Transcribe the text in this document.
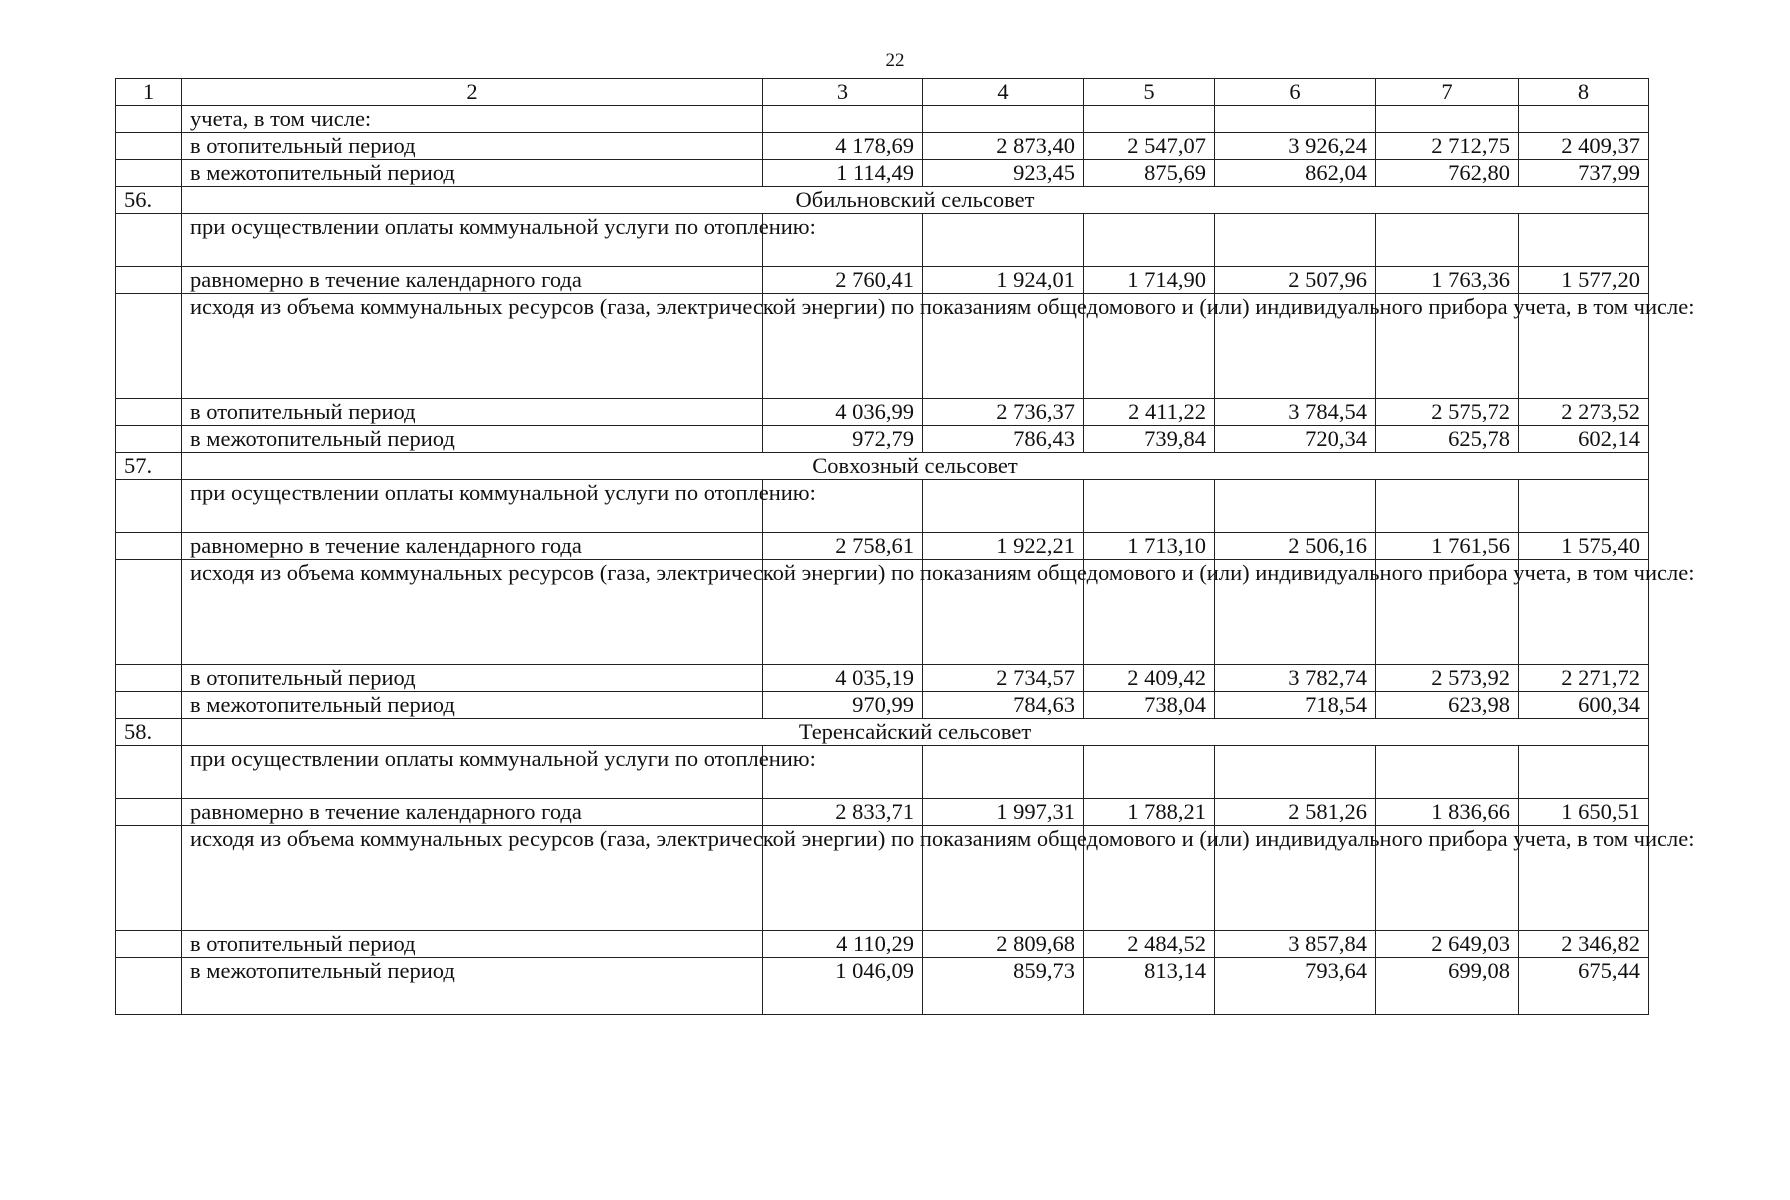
22
1	2	3	4	5	6	7	8
	учета, в том числе:						
	в отопительный период	4 178,69	2 873,40	2 547,07	3 926,24	2 712,75	2 409,37
	в межотопительный период	1 114,49	923,45	875,69	862,04	762,80	737,99
56.	Обильновский сельсовет						
	при осуществлении оплаты коммунальной услуги по отоплению:						
	равномерно в течение календарного года	2 760,41	1 924,01	1 714,90	2 507,96	1 763,36	1 577,20
	исходя из объема коммунальных ресурсов (газа, электрической энергии) по показаниям общедомового и (или) индивидуального прибора учета, в том числе:						
	в отопительный период	4 036,99	2 736,37	2 411,22	3 784,54	2 575,72	2 273,52
	в межотопительный период	972,79	786,43	739,84	720,34	625,78	602,14
57.	Совхозный сельсовет						
	при осуществлении оплаты коммунальной услуги по отоплению:						
	равномерно в течение календарного года	2 758,61	1 922,21	1 713,10	2 506,16	1 761,56	1 575,40
	исходя из объема коммунальных ресурсов (газа, электрической энергии) по показаниям общедомового и (или) индивидуального прибора учета, в том числе:						
	в отопительный период	4 035,19	2 734,57	2 409,42	3 782,74	2 573,92	2 271,72
	в межотопительный период	970,99	784,63	738,04	718,54	623,98	600,34
58.	Теренсайский сельсовет						
	при осуществлении оплаты коммунальной услуги по отоплению:						
	равномерно в течение календарного года	2 833,71	1 997,31	1 788,21	2 581,26	1 836,66	1 650,51
	исходя из объема коммунальных ресурсов (газа, электрической энергии) по показаниям общедомового и (или) индивидуального прибора учета, в том числе:						
	в отопительный период	4 110,29	2 809,68	2 484,52	3 857,84	2 649,03	2 346,82
	в межотопительный период	1 046,09	859,73	813,14	793,64	699,08	675,44
